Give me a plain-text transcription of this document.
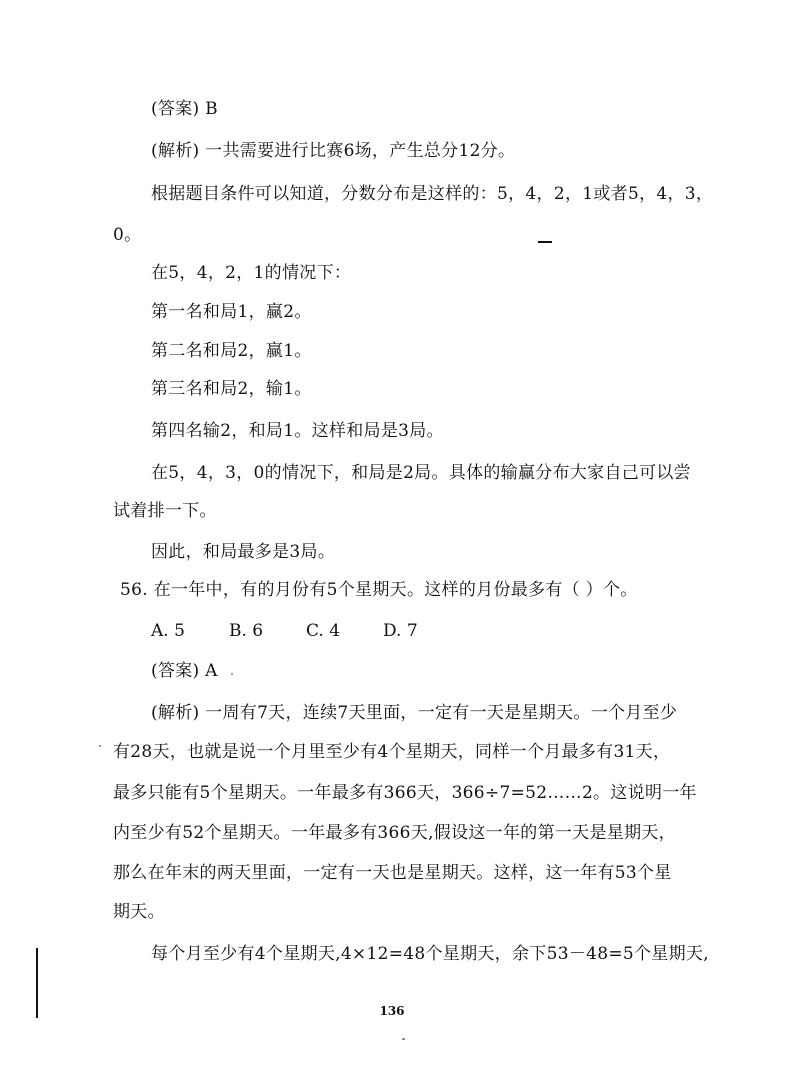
(答案) B
(解析) 一共需要进行比赛6场，产生总分12分。
根据题目条件可以知道，分数分布是这样的：5，4，2，1或者5，4，3，
0。
在5，4，2，1的情况下：
第一名和局1，赢2。
第二名和局2，赢1。
第三名和局2，输1。
第四名输2，和局1。这样和局是3局。
在5，4，3，0的情况下，和局是2局。具体的输赢分布大家自己可以尝
试着排一下。
因此，和局最多是3局。
56. 在一年中，有的月份有5个星期天。这样的月份最多有（ ）个。
A. 5	B. 6	C. 4	D. 7
(答案) A
(解析) 一周有7天，连续7天里面，一定有一天是星期天。一个月至少
有28天，也就是说一个月里至少有4个星期天，同样一个月最多有31天，
最多只能有5个星期天。一年最多有366天，366÷7=52……2。这说明一年
内至少有52个星期天。一年最多有366天,假设这一年的第一天是星期天，
那么在年末的两天里面，一定有一天也是星期天。这样，这一年有53个星
期天。
每个月至少有4个星期天,4×12=48个星期天，余下53－48=5个星期天,
136
